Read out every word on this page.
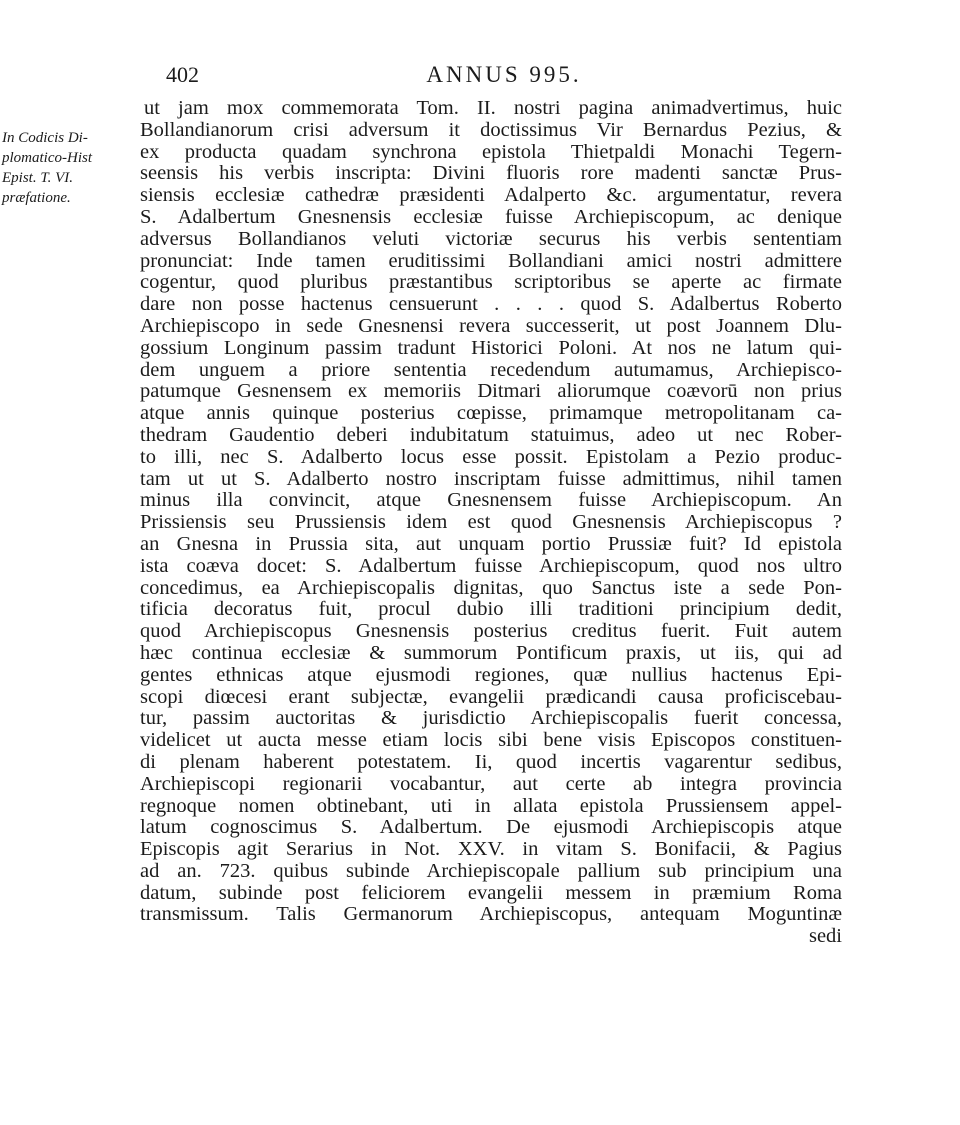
402	ANNUS 995.
In Codicis Di-
plomatico-Hist
Epist. T. VI.
præfatione.
ut jam mox commemorata Tom. II. nostri pagina animadvertimus, huic
Bollandianorum crisi adversum it doctissimus Vir Bernardus Pezius, &
ex producta quadam synchrona epistola Thietpaldi Monachi Tegern-
seensis his verbis inscripta: Divini fluoris rore madenti sanctæ Prus-
siensis ecclesiæ cathedræ præsidenti Adalperto &c. argumentatur, revera
S. Adalbertum Gnesnensis ecclesiæ fuisse Archiepiscopum, ac denique
adversus Bollandianos veluti victoriæ securus his verbis sententiam
pronunciat: Inde tamen eruditissimi Bollandiani amici nostri admittere
cogentur, quod pluribus præstantibus scriptoribus se aperte ac firmate
dare non posse hactenus censuerunt . . . . quod S. Adalbertus Roberto
Archiepiscopo in sede Gnesnensi revera successerit, ut post Joannem Dlu-
gossium Longinum passim tradunt Historici Poloni. At nos ne latum qui-
dem unguem a priore sententia recedendum autumamus, Archiepisco-
patumque Gesnensem ex memoriis Ditmari aliorumque coævorū non prius
atque annis quinque posterius cœpisse, primamque metropolitanam ca-
thedram Gaudentio deberi indubitatum statuimus, adeo ut nec Rober-
to illi, nec S. Adalberto locus esse possit. Epistolam a Pezio produc-
tam ut ut S. Adalberto nostro inscriptam fuisse admittimus, nihil tamen
minus illa convincit, atque Gnesnensem fuisse Archiepiscopum. An
Prissiensis seu Prussiensis idem est quod Gnesnensis Archiepiscopus ?
an Gnesna in Prussia sita, aut unquam portio Prussiæ fuit? Id epistola
ista coæva docet: S. Adalbertum fuisse Archiepiscopum, quod nos ultro
concedimus, ea Archiepiscopalis dignitas, quo Sanctus iste a sede Pon-
tificia decoratus fuit, procul dubio illi traditioni principium dedit,
quod Archiepiscopus Gnesnensis posterius creditus fuerit. Fuit autem
hæc continua ecclesiæ & summorum Pontificum praxis, ut iis, qui ad
gentes ethnicas atque ejusmodi regiones, quæ nullius hactenus Epi-
scopi diœcesi erant subjectæ, evangelii prædicandi causa proficiscebau-
tur, passim auctoritas & jurisdictio Archiepiscopalis fuerit concessa,
videlicet ut aucta messe etiam locis sibi bene visis Episcopos constituen-
di plenam haberent potestatem. Ii, quod incertis vagarentur sedibus,
Archiepiscopi regionarii vocabantur, aut certe ab integra provincia
regnoque nomen obtinebant, uti in allata epistola Prussiensem appel-
latum cognoscimus S. Adalbertum. De ejusmodi Archiepiscopis atque
Episcopis agit Serarius in Not. XXV. in vitam S. Bonifacii, & Pagius
ad an. 723. quibus subinde Archiepiscopale pallium sub principium una
datum, subinde post feliciorem evangelii messem in præmium Roma
transmissum. Talis Germanorum Archiepiscopus, antequam Moguntinæ
sedi
